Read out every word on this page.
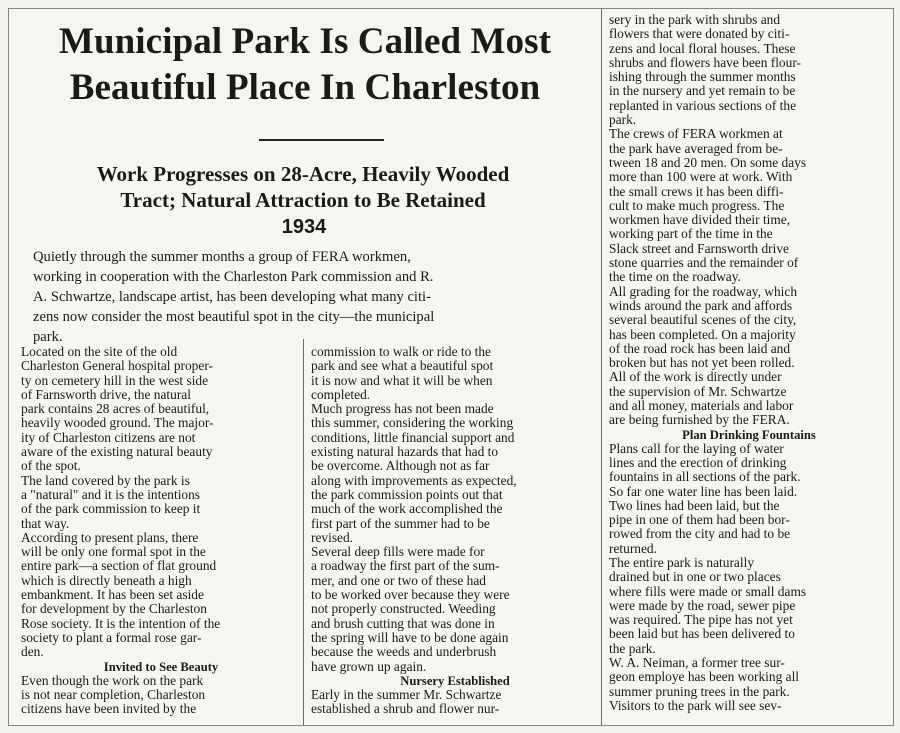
Municipal Park Is Called Most
Beautiful Place In Charleston
Work Progresses on 28-Acre, Heavily Wooded
Tract; Natural Attraction to Be Retained
1934
Quietly through the summer months a group of FERA workmen,
working in cooperation with the Charleston Park commission and R.
A. Schwartze, landscape artist, has been developing what many citi-
zens now consider the most beautiful spot in the city—the municipal
park.
Located on the site of the old
Charleston General hospital proper-
ty on cemetery hill in the west side
of Farnsworth drive, the natural
park contains 28 acres of beautiful,
heavily wooded ground. The major-
ity of Charleston citizens are not
aware of the existing natural beauty
of the spot.
The land covered by the park is
a "natural" and it is the intentions
of the park commission to keep it
that way.
According to present plans, there
will be only one formal spot in the
entire park—a section of flat ground
which is directly beneath a high
embankment. It has been set aside
for development by the Charleston
Rose society. It is the intention of the
society to plant a formal rose gar-
den.
Invited to See Beauty
Even though the work on the park
is not near completion, Charleston
citizens have been invited by the
commission to walk or ride to the
park and see what a beautiful spot
it is now and what it will be when
completed.
Much progress has not been made
this summer, considering the working
conditions, little financial support and
existing natural hazards that had to
be overcome. Although not as far
along with improvements as expected,
the park commission points out that
much of the work accomplished the
first part of the summer had to be
revised.
Several deep fills were made for
a roadway the first part of the sum-
mer, and one or two of these had
to be worked over because they were
not properly constructed. Weeding
and brush cutting that was done in
the spring will have to be done again
because the weeds and underbrush
have grown up again.
Nursery Established
Early in the summer Mr. Schwartze
established a shrub and flower nur-
sery in the park with shrubs and
flowers that were donated by citi-
zens and local floral houses. These
shrubs and flowers have been flour-
ishing through the summer months
in the nursery and yet remain to be
replanted in various sections of the
park.
The crews of FERA workmen at
the park have averaged from be-
tween 18 and 20 men. On some days
more than 100 were at work. With
the small crews it has been diffi-
cult to make much progress. The
workmen have divided their time,
working part of the time in the
Slack street and Farnsworth drive
stone quarries and the remainder of
the time on the roadway.
All grading for the roadway, which
winds around the park and affords
several beautiful scenes of the city,
has been completed. On a majority
of the road rock has been laid and
broken but has not yet been rolled.
All of the work is directly under
the supervision of Mr. Schwartze
and all money, materials and labor
are being furnished by the FERA.
Plan Drinking Fountains
Plans call for the laying of water
lines and the erection of drinking
fountains in all sections of the park.
So far one water line has been laid.
Two lines had been laid, but the
pipe in one of them had been bor-
rowed from the city and had to be
returned.
The entire park is naturally
drained but in one or two places
where fills were made or small dams
were made by the road, sewer pipe
was required. The pipe has not yet
been laid but has been delivered to
the park.
W. A. Neiman, a former tree sur-
geon employe has been working all
summer pruning trees in the park.
Visitors to the park will see sev-
